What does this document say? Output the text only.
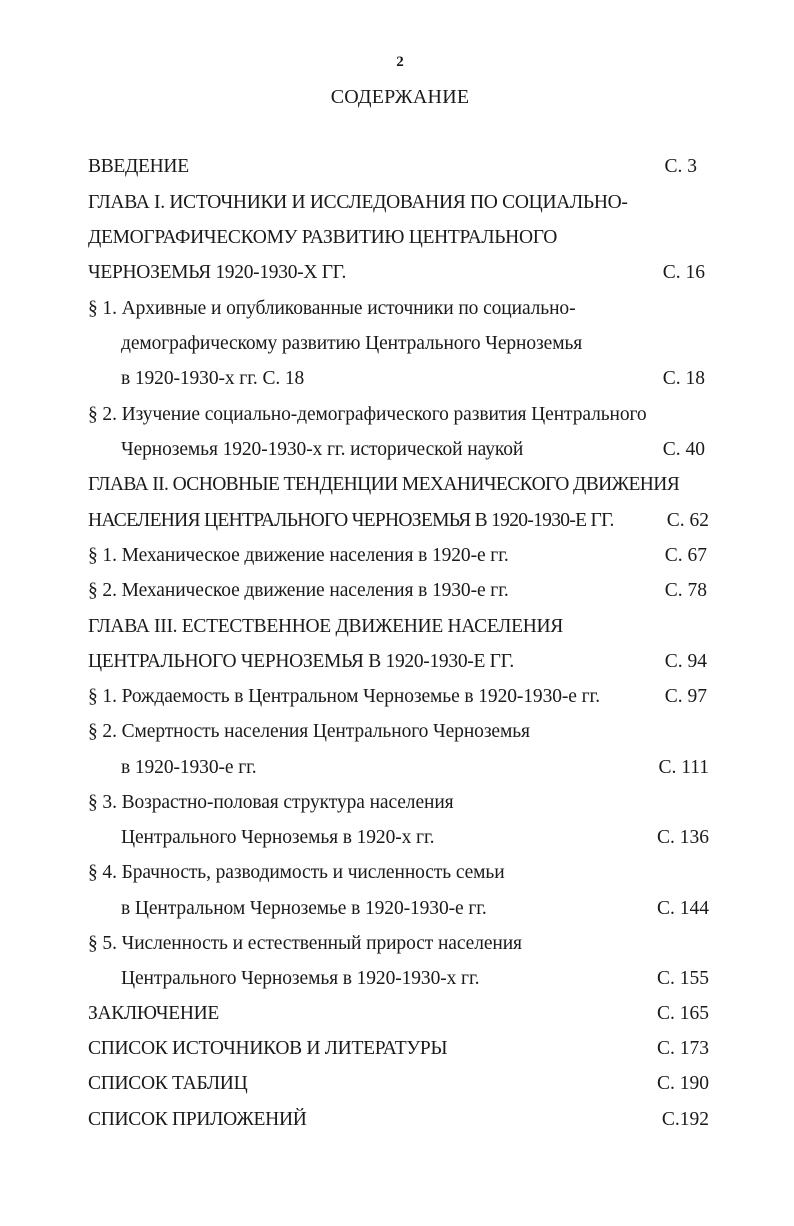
2
СОДЕРЖАНИЕ
ВВЕДЕНИЕ	С. 3
ГЛАВА I. ИСТОЧНИКИ И ИССЛЕДОВАНИЯ ПО СОЦИАЛЬНО-
ДЕМОГРАФИЧЕСКОМУ РАЗВИТИЮ ЦЕНТРАЛЬНОГО
ЧЕРНОЗЕМЬЯ 1920-1930-Х ГГ.	С. 16
§ 1. Архивные и опубликованные источники по социально-
демографическому развитию Центрального Черноземья
в 1920-1930-х гг. С. 18	С. 18
§ 2. Изучение социально-демографического развития Центрального
Черноземья 1920-1930-х гг. исторической наукой	С. 40
ГЛАВА II. ОСНОВНЫЕ ТЕНДЕНЦИИ МЕХАНИЧЕСКОГО ДВИЖЕНИЯ
НАСЕЛЕНИЯ ЦЕНТРАЛЬНОГО ЧЕРНОЗЕМЬЯ В 1920-1930-Е ГГ.	С. 62
§ 1. Механическое движение населения в 1920-е гг.	С. 67
§ 2. Механическое движение населения в 1930-е гг.	С. 78
ГЛАВА III. ЕСТЕСТВЕННОЕ ДВИЖЕНИЕ НАСЕЛЕНИЯ
ЦЕНТРАЛЬНОГО ЧЕРНОЗЕМЬЯ В 1920-1930-Е ГГ.	С. 94
§ 1. Рождаемость в Центральном Черноземье в 1920-1930-е гг.	С. 97
§ 2. Смертность населения Центрального Черноземья
в 1920-1930-е гг.	С. 111
§ 3. Возрастно-половая структура населения
Центрального Черноземья в 1920-х гг.	С. 136
§ 4. Брачность, разводимость и численность семьи
в Центральном Черноземье в 1920-1930-е гг.	С. 144
§ 5. Численность и естественный прирост населения
Центрального Черноземья в 1920-1930-х гг.	С. 155
ЗАКЛЮЧЕНИЕ	С. 165
СПИСОК ИСТОЧНИКОВ И ЛИТЕРАТУРЫ	С. 173
СПИСОК ТАБЛИЦ	С. 190
СПИСОК ПРИЛОЖЕНИЙ	С.192
